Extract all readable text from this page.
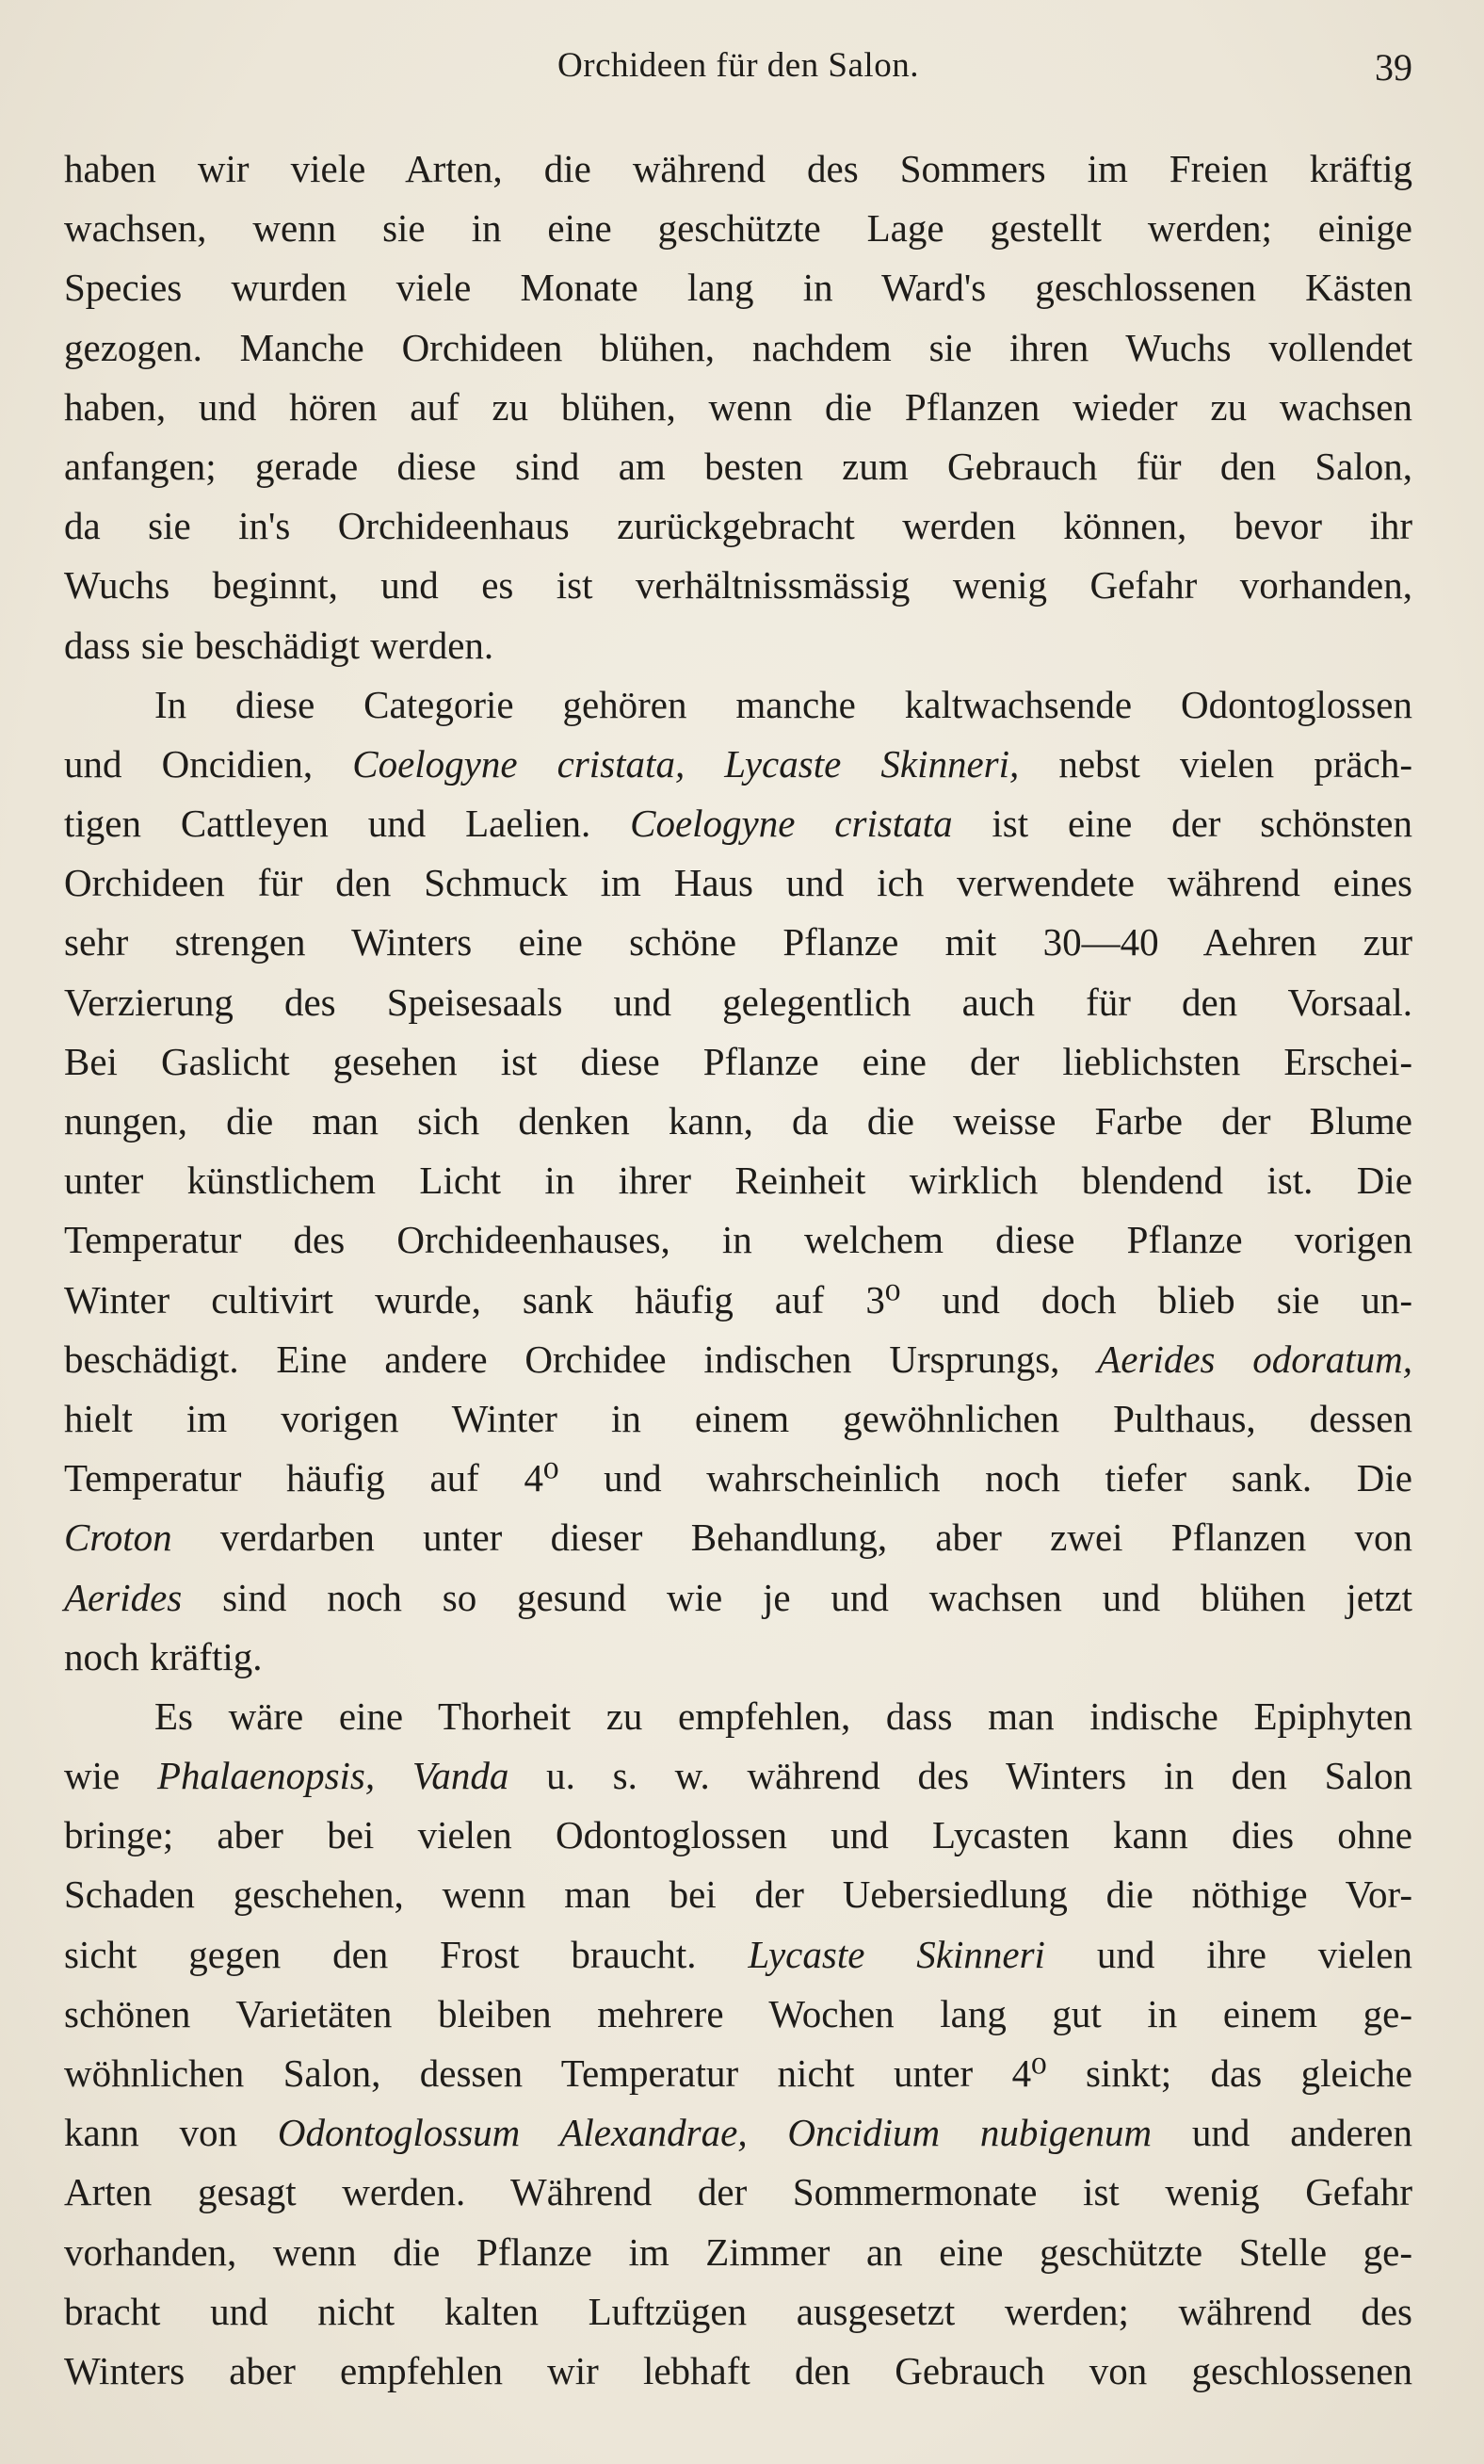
Orchideen für den Salon.	39
haben wir viele Arten, die während des Sommers im Freien kräftig
wachsen, wenn sie in eine geschützte Lage gestellt werden; einige
Species wurden viele Monate lang in Ward's geschlossenen Kästen
gezogen. Manche Orchideen blühen, nachdem sie ihren Wuchs vollendet
haben, und hören auf zu blühen, wenn die Pflanzen wieder zu wachsen
anfangen; gerade diese sind am besten zum Gebrauch für den Salon,
da sie in's Orchideenhaus zurückgebracht werden können, bevor ihr
Wuchs beginnt, und es ist verhältnissmässig wenig Gefahr vorhanden,
dass sie beschädigt werden.
In diese Categorie gehören manche kaltwachsende Odontoglossen
und Oncidien, Coelogyne cristata, Lycaste Skinneri, nebst vielen präch-
tigen Cattleyen und Laelien. Coelogyne cristata ist eine der schönsten
Orchideen für den Schmuck im Haus und ich verwendete während eines
sehr strengen Winters eine schöne Pflanze mit 30—40 Aehren zur
Verzierung des Speisesaals und gelegentlich auch für den Vorsaal.
Bei Gaslicht gesehen ist diese Pflanze eine der lieblichsten Erschei-
nungen, die man sich denken kann, da die weisse Farbe der Blume
unter künstlichem Licht in ihrer Reinheit wirklich blendend ist. Die
Temperatur des Orchideenhauses, in welchem diese Pflanze vorigen
Winter cultivirt wurde, sank häufig auf 3⁰ und doch blieb sie un-
beschädigt. Eine andere Orchidee indischen Ursprungs, Aerides odoratum,
hielt im vorigen Winter in einem gewöhnlichen Pulthaus, dessen
Temperatur häufig auf 4⁰ und wahrscheinlich noch tiefer sank. Die
Croton verdarben unter dieser Behandlung, aber zwei Pflanzen von
Aerides sind noch so gesund wie je und wachsen und blühen jetzt
noch kräftig.
Es wäre eine Thorheit zu empfehlen, dass man indische Epiphyten
wie Phalaenopsis, Vanda u. s. w. während des Winters in den Salon
bringe; aber bei vielen Odontoglossen und Lycasten kann dies ohne
Schaden geschehen, wenn man bei der Uebersiedlung die nöthige Vor-
sicht gegen den Frost braucht. Lycaste Skinneri und ihre vielen
schönen Varietäten bleiben mehrere Wochen lang gut in einem ge-
wöhnlichen Salon, dessen Temperatur nicht unter 4⁰ sinkt; das gleiche
kann von Odontoglossum Alexandrae, Oncidium nubigenum und anderen
Arten gesagt werden. Während der Sommermonate ist wenig Gefahr
vorhanden, wenn die Pflanze im Zimmer an eine geschützte Stelle ge-
bracht und nicht kalten Luftzügen ausgesetzt werden; während des
Winters aber empfehlen wir lebhaft den Gebrauch von geschlossenen
